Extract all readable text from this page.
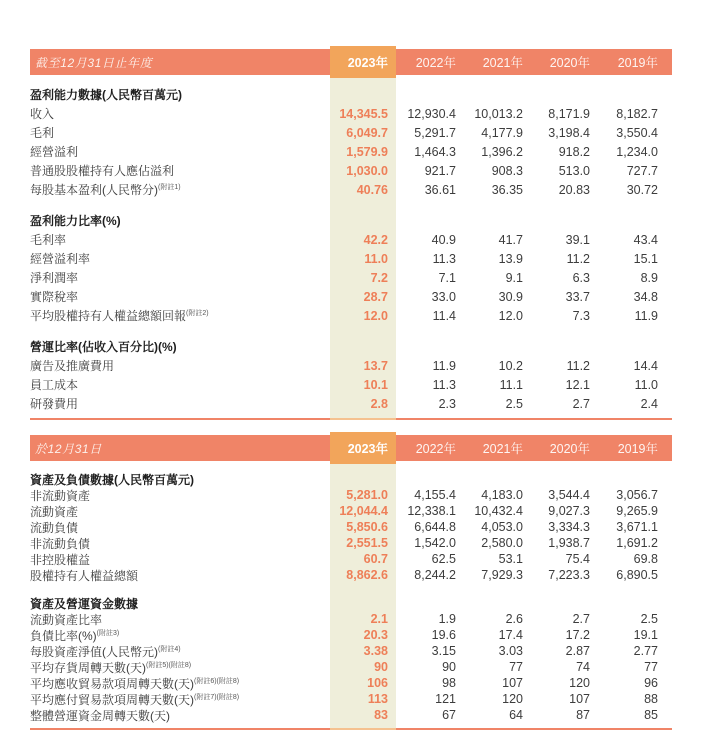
截至12月31日止年度	2023年	2022年	2021年	2020年	2019年
盈利能力數據(人民幣百萬元)
收入	14,345.5	12,930.4	10,013.2	8,171.9	8,182.7
毛利	6,049.7	5,291.7	4,177.9	3,198.4	3,550.4
經營溢利	1,579.9	1,464.3	1,396.2	918.2	1,234.0
普通股股權持有人應佔溢利	1,030.0	921.7	908.3	513.0	727.7
每股基本盈利(人民幣分)$^{(附註1)}$	40.76	36.61	36.35	20.83	30.72
盈利能力比率(%)
毛利率	42.2	40.9	41.7	39.1	43.4
經營溢利率	11.0	11.3	13.9	11.2	15.1
淨利潤率	7.2	7.1	9.1	6.3	8.9
實際稅率	28.7	33.0	30.9	33.7	34.8
平均股權持有人權益總額回報$^{(附註2)}$	12.0	11.4	12.0	7.3	11.9
營運比率(佔收入百分比)(%)
廣告及推廣費用	13.7	11.9	10.2	11.2	14.4
員工成本	10.1	11.3	11.1	12.1	11.0
研發費用	2.8	2.3	2.5	2.7	2.4
於12月31日	2023年	2022年	2021年	2020年	2019年
資產及負債數據(人民幣百萬元)
非流動資產	5,281.0	4,155.4	4,183.0	3,544.4	3,056.7
流動資產	12,044.4	12,338.1	10,432.4	9,027.3	9,265.9
流動負債	5,850.6	6,644.8	4,053.0	3,334.3	3,671.1
非流動負債	2,551.5	1,542.0	2,580.0	1,938.7	1,691.2
非控股權益	60.7	62.5	53.1	75.4	69.8
股權持有人權益總額	8,862.6	8,244.2	7,929.3	7,223.3	6,890.5
資產及營運資金數據
流動資產比率	2.1	1.9	2.6	2.7	2.5
負債比率(%)$^{(附註3)}$	20.3	19.6	17.4	17.2	19.1
每股資產淨值(人民幣元)$^{(附註4)}$	3.38	3.15	3.03	2.87	2.77
平均存貨周轉天數(天)$^{(附註5)(附註8)}$	90	90	77	74	77
平均應收貿易款項周轉天數(天)$^{(附註6)(附註8)}$	106	98	107	120	96
平均應付貿易款項周轉天數(天)$^{(附註7)(附註8)}$	113	121	120	107	88
整體營運資金周轉天數(天)	83	67	64	87	85
